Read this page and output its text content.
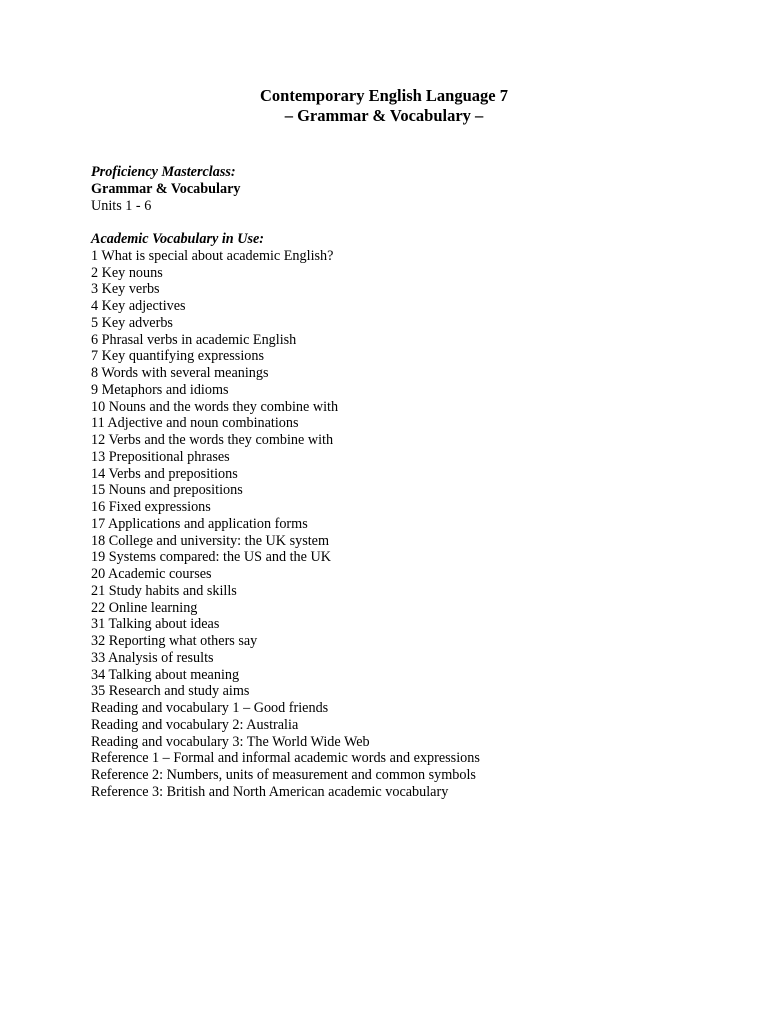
Contemporary English Language 7
– Grammar & Vocabulary –
Proficiency Masterclass:
Grammar & Vocabulary
Units 1 - 6
Academic Vocabulary in Use:
1 What is special about academic English?
2 Key nouns
3 Key verbs
4 Key adjectives
5 Key adverbs
6 Phrasal verbs in academic English
7 Key quantifying expressions
8 Words with several meanings
9 Metaphors and idioms
10 Nouns and the words they combine with
11 Adjective and noun combinations
12 Verbs and the words they combine with
13 Prepositional phrases
14 Verbs and prepositions
15 Nouns and prepositions
16 Fixed expressions
17 Applications and application forms
18 College and university: the UK system
19 Systems compared: the US and the UK
20 Academic courses
21 Study habits and skills
22 Online learning
31 Talking about ideas
32 Reporting what others say
33 Analysis of results
34 Talking about meaning
35 Research and study aims
Reading and vocabulary 1 – Good friends
Reading and vocabulary 2: Australia
Reading and vocabulary 3: The World Wide Web
Reference 1 – Formal and informal academic words and expressions
Reference 2: Numbers, units of measurement and common symbols
Reference 3: British and North American academic vocabulary
